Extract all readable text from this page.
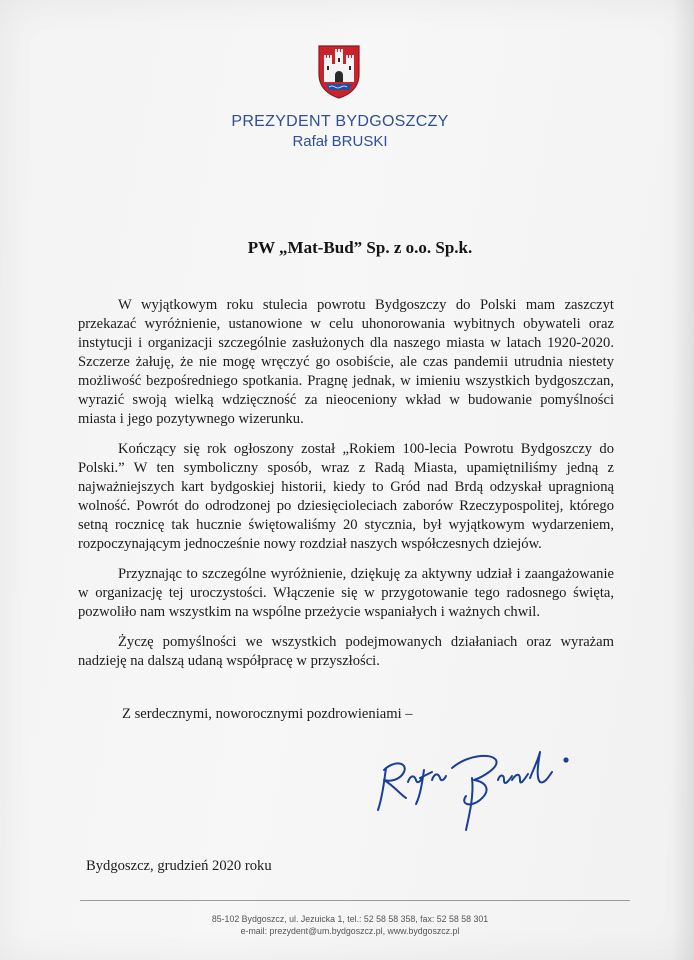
PREZYDENT BYDGOSZCZY
Rafał BRUSKI
PW „Mat-Bud” Sp. z o.o. Sp.k.

W wyjątkowym roku stulecia powrotu Bydgoszczy do Polski mam zaszczyt przekazać wyróżnienie, ustanowione w celu uhonorowania wybitnych obywateli oraz instytucji i organizacji szczególnie zasłużonych dla naszego miasta w latach 1920-2020. Szczerze żałuję, że nie mogę wręczyć go osobiście, ale czas pandemii utrudnia niestety możliwość bezpośredniego spotkania. Pragnę jednak, w imieniu wszystkich bydgoszczan, wyrazić swoją wielką wdzięczność za nieoceniony wkład w budowanie pomyślności miasta i jego pozytywnego wizerunku.

Kończący się rok ogłoszony został „Rokiem 100-lecia Powrotu Bydgoszczy do Polski.” W ten symboliczny sposób, wraz z Radą Miasta, upamiętniliśmy jedną z najważniejszych kart bydgoskiej historii, kiedy to Gród nad Brdą odzyskał upragnioną wolność. Powrót do odrodzonej po dziesięcioleciach zaborów Rzeczypospolitej, którego setną rocznicę tak hucznie świętowaliśmy 20 stycznia, był wyjątkowym wydarzeniem, rozpoczynającym jednocześnie nowy rozdział naszych współczesnych dziejów.

Przyznając to szczególne wyróżnienie, dziękuję za aktywny udział i zaangażowanie w organizację tej uroczystości. Włączenie się w przygotowanie tego radosnego święta, pozwoliło nam wszystkim na wspólne przeżycie wspaniałych i ważnych chwil.

Życzę pomyślności we wszystkich podejmowanych działaniach oraz wyrażam nadzieję na dalszą udaną współpracę w przyszłości.

Z serdecznymi, noworocznymi pozdrowieniami –
Bydgoszcz, grudzień 2020 roku
85-102 Bydgoszcz, ul. Jezuicka 1, tel.: 52 58 58 358, fax: 52 58 58 301
e-mail: prezydent@um.bydgoszcz.pl, www.bydgoszcz.pl
